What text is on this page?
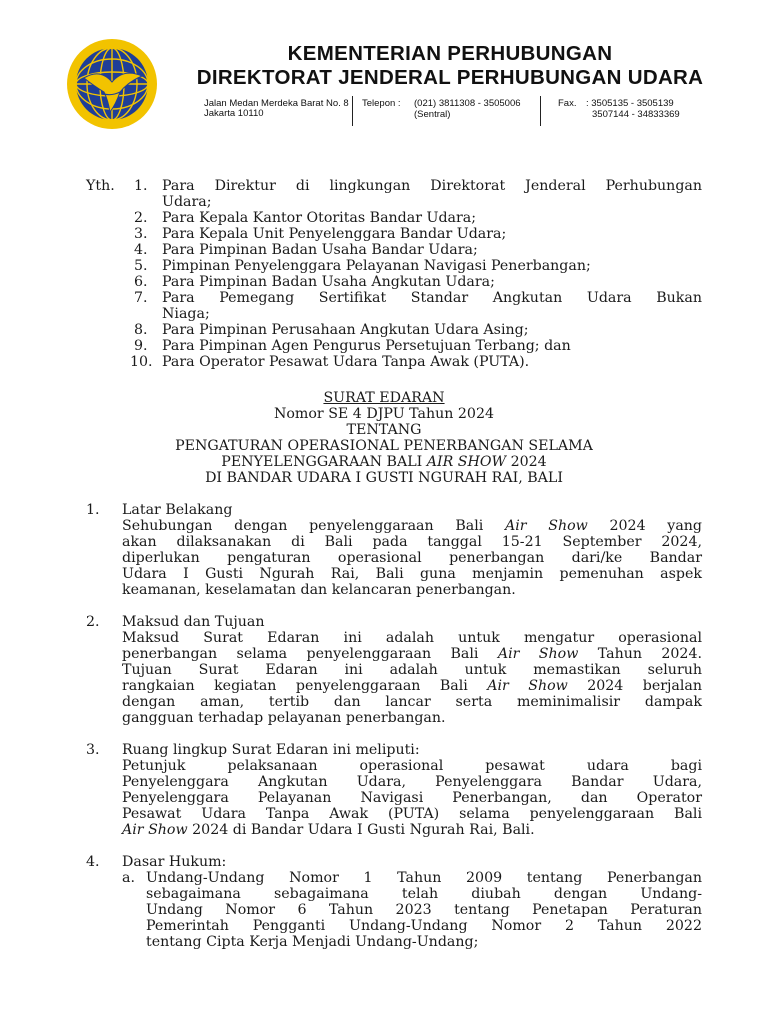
KEMENTERIAN PERHUBUNGAN
DIREKTORAT JENDERAL PERHUBUNGAN UDARA
Jalan Medan Merdeka Barat No. 8
Jakarta 10110
Telepon : (021) 3811308 - 3505006
(Sentral)
Fax. : 3505135 - 3505139
3507144 - 34833369
Yth. 1. Para Direktur di lingkungan Direktorat Jenderal Perhubungan
Udara;
2. Para Kepala Kantor Otoritas Bandar Udara;
3. Para Kepala Unit Penyelenggara Bandar Udara;
4. Para Pimpinan Badan Usaha Bandar Udara;
5. Pimpinan Penyelenggara Pelayanan Navigasi Penerbangan;
6. Para Pimpinan Badan Usaha Angkutan Udara;
7. Para Pemegang Sertifikat Standar Angkutan Udara Bukan
Niaga;
8. Para Pimpinan Perusahaan Angkutan Udara Asing;
9. Para Pimpinan Agen Pengurus Persetujuan Terbang; dan
10. Para Operator Pesawat Udara Tanpa Awak (PUTA).
SURAT EDARAN
Nomor SE 4 DJPU Tahun 2024
TENTANG
PENGATURAN OPERASIONAL PENERBANGAN SELAMA
PENYELENGGARAAN BALI AIR SHOW 2024
DI BANDAR UDARA I GUSTI NGURAH RAI, BALI
1. Latar Belakang
Sehubungan dengan penyelenggaraan Bali Air Show 2024 yang
akan dilaksanakan di Bali pada tanggal 15-21 September 2024,
diperlukan pengaturan operasional penerbangan dari/ke Bandar
Udara I Gusti Ngurah Rai, Bali guna menjamin pemenuhan aspek
keamanan, keselamatan dan kelancaran penerbangan.
2. Maksud dan Tujuan
Maksud Surat Edaran ini adalah untuk mengatur operasional
penerbangan selama penyelenggaraan Bali Air Show Tahun 2024.
Tujuan Surat Edaran ini adalah untuk memastikan seluruh
rangkaian kegiatan penyelenggaraan Bali Air Show 2024 berjalan
dengan aman, tertib dan lancar serta meminimalisir dampak
gangguan terhadap pelayanan penerbangan.
3. Ruang lingkup Surat Edaran ini meliputi:
Petunjuk pelaksanaan operasional pesawat udara bagi
Penyelenggara Angkutan Udara, Penyelenggara Bandar Udara,
Penyelenggara Pelayanan Navigasi Penerbangan, dan Operator
Pesawat Udara Tanpa Awak (PUTA) selama penyelenggaraan Bali
Air Show 2024 di Bandar Udara I Gusti Ngurah Rai, Bali.
4. Dasar Hukum:
a. Undang-Undang Nomor 1 Tahun 2009 tentang Penerbangan
sebagaimana sebagaimana telah diubah dengan Undang-
Undang Nomor 6 Tahun 2023 tentang Penetapan Peraturan
Pemerintah Pengganti Undang-Undang Nomor 2 Tahun 2022
tentang Cipta Kerja Menjadi Undang-Undang;
